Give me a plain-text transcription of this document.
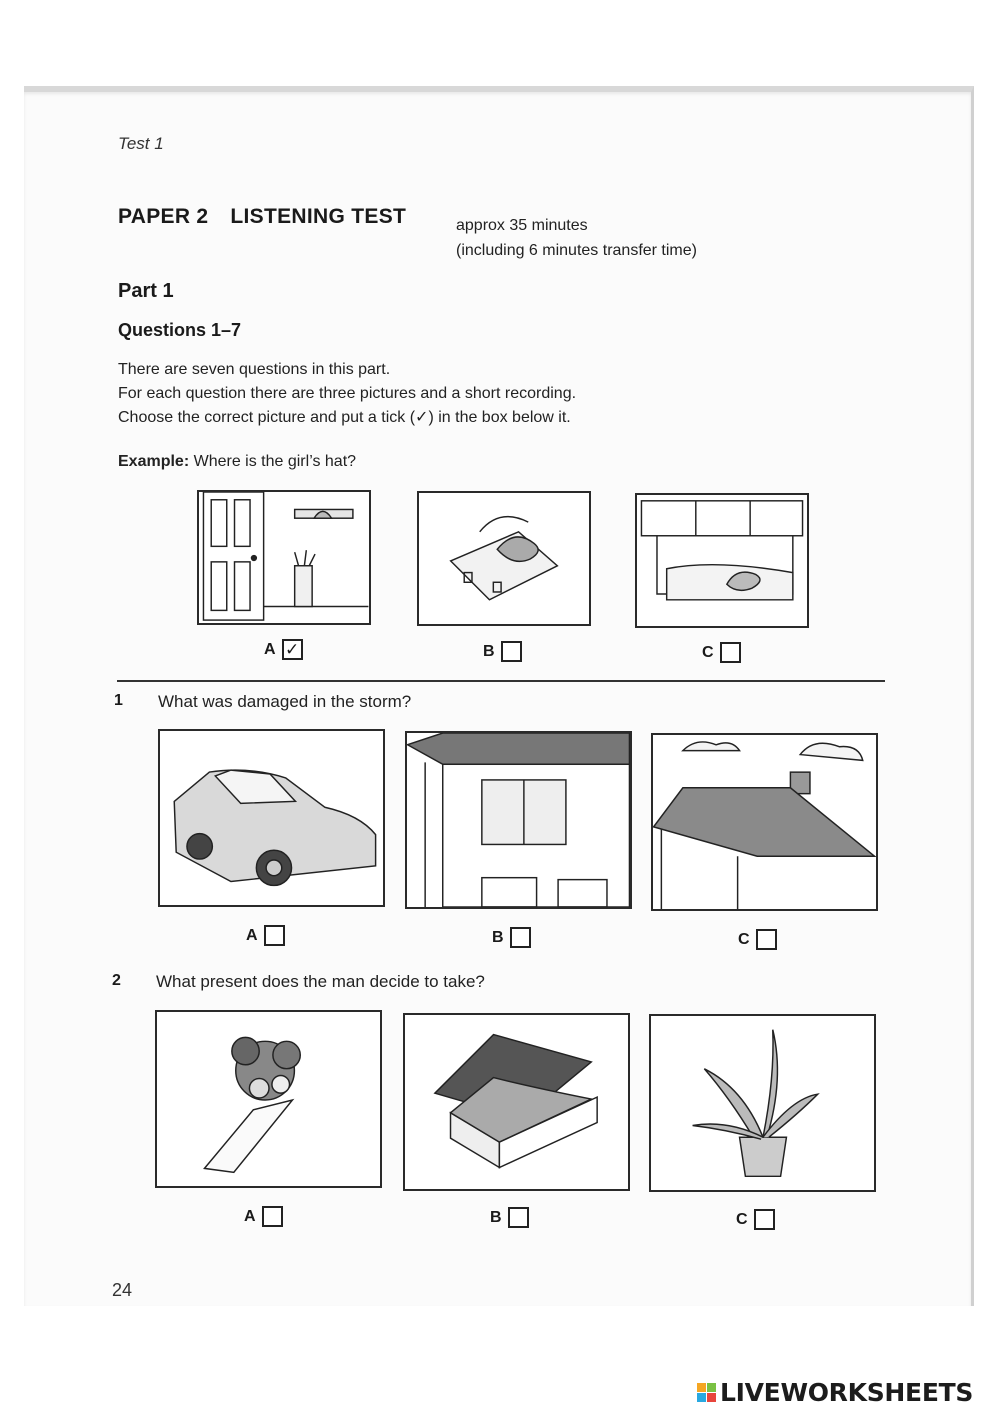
Test 1
PAPER 2 LISTENING TEST	approx 35 minutes
(including 6 minutes transfer time)
Part 1
Questions 1–7
There are seven questions in this part.
For each question there are three pictures and a short recording.
Choose the correct picture and put a tick (✓) in the box below it.
Example: Where is the girl’s hat?
A ✓	B	C
1 What was damaged in the storm?
A	B	C
2 What present does the man decide to take?
A	B	C
24
LIVEWORKSHEETS
